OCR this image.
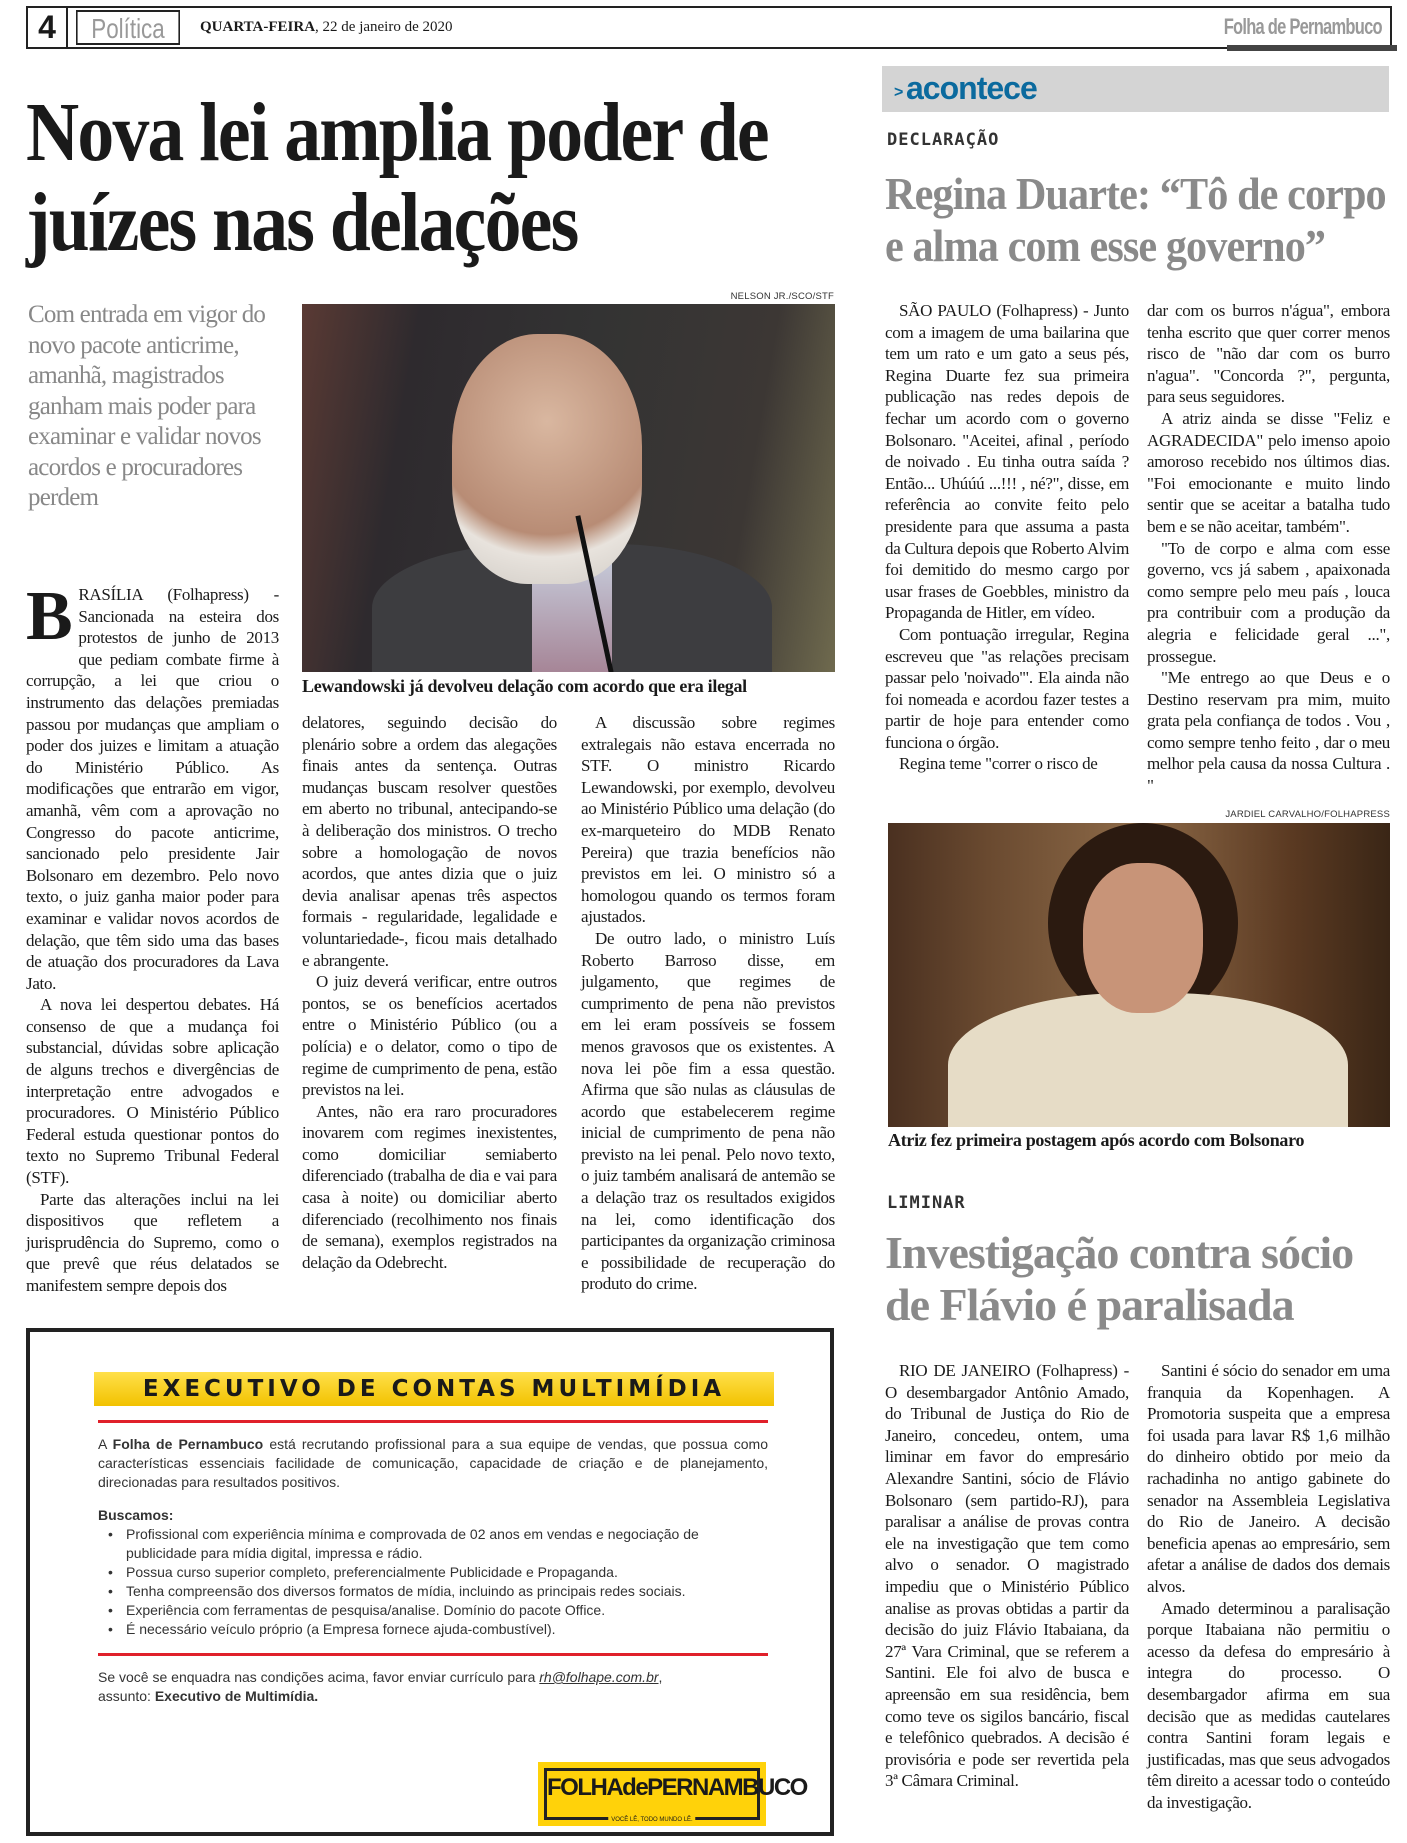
4	Política	QUARTA-FEIRA, 22 de janeiro de 2020	Folha de Pernambuco
Nova lei amplia poder de juízes nas delações
Com entrada em vigor do novo pacote anticrime, amanhã, magistrados ganham mais poder para examinar e validar novos acordos e procuradores perdem
NELSON JR./SCO/STF
Lewandowski já devolveu delação com acordo que era ilegal

BRASÍLIA (Folhapress) - Sancionada na esteira dos protestos de junho de 2013 que pediam combate firme à corrupção, a lei que criou o instrumento das delações premiadas passou por mudanças que ampliam o poder dos juizes e limitam a atuação do Ministério Público. As modificações que entrarão em vigor, amanhã, vêm com a aprovação no Congresso do pacote anticrime, sancionado pelo presidente Jair Bolsonaro em dezembro. Pelo novo texto, o juiz ganha maior poder para examinar e validar novos acordos de delação, que têm sido uma das bases de atuação dos procuradores da Lava Jato.

A nova lei despertou debates. Há consenso de que a mudança foi substancial, dúvidas sobre aplicação de alguns trechos e divergências de interpretação entre advogados e procuradores. O Ministério Público Federal estuda questionar pontos do texto no Supremo Tribunal Federal (STF).

Parte das alterações inclui na lei dispositivos que refletem a jurisprudência do Supremo, como o que prevê que réus delatados se manifestem sempre depois dos

delatores, seguindo decisão do plenário sobre a ordem das alegações finais antes da sentença. Outras mudanças buscam resolver questões em aberto no tribunal, antecipando-se à deliberação dos ministros. O trecho sobre a homologação de novos acordos, que antes dizia que o juiz devia analisar apenas três aspectos formais - regularidade, legalidade e voluntariedade-, ficou mais detalhado e abrangente.

O juiz deverá verificar, entre outros pontos, se os benefícios acertados entre o Ministério Público (ou a polícia) e o delator, como o tipo de regime de cumprimento de pena, estão previstos na lei.

Antes, não era raro procuradores inovarem com regimes inexistentes, como domiciliar semiaberto diferenciado (trabalha de dia e vai para casa à noite) ou domiciliar aberto diferenciado (recolhimento nos finais de semana), exemplos registrados na delação da Odebrecht.

A discussão sobre regimes extralegais não estava encerrada no STF. O ministro Ricardo Lewandowski, por exemplo, devolveu ao Ministério Público uma delação (do ex-marqueteiro do MDB Renato Pereira) que trazia benefícios não previstos em lei. O ministro só a homologou quando os termos foram ajustados.

De outro lado, o ministro Luís Roberto Barroso disse, em julgamento, que regimes de cumprimento de pena não previstos em lei eram possíveis se fossem menos gravosos que os existentes. A nova lei põe fim a essa questão. Afirma que são nulas as cláusulas de acordo que estabelecerem regime inicial de cumprimento de pena não previsto na lei penal. Pelo novo texto, o juiz também analisará de antemão se a delação traz os resultados exigidos na lei, como identificação dos participantes da organização criminosa e possibilidade de recuperação do produto do crime.

EXECUTIVO DE CONTAS MULTIMÍDIA
A Folha de Pernambuco está recrutando profissional para a sua equipe de vendas, que possua como características essenciais facilidade de comunicação, capacidade de criação e de planejamento, direcionadas para resultados positivos.
Buscamos:
• Profissional com experiência mínima e comprovada de 02 anos em vendas e negociação de publicidade para mídia digital, impressa e rádio.
• Possua curso superior completo, preferencialmente Publicidade e Propaganda.
• Tenha compreensão dos diversos formatos de mídia, incluindo as principais redes sociais.
• Experiência com ferramentas de pesquisa/analise. Domínio do pacote Office.
• É necessário veículo próprio (a Empresa fornece ajuda-combustível).
Se você se enquadra nas condições acima, favor enviar currículo para rh@folhape.com.br,
assunto: Executivo de Multimídia.
FOLHAdePERNAMBUCO
VOCÊ LÊ, TODO MUNDO LÊ.
acontece
>
DECLARAÇÃO
Regina Duarte: “Tô de corpo e alma com esse governo”

SÃO PAULO (Folhapress) - Junto com a imagem de uma bailarina que tem um rato e um gato a seus pés, Regina Duarte fez sua primeira publicação nas redes depois de fechar um acordo com o governo Bolsonaro. "Aceitei, afinal , período de noivado . Eu tinha outra saída ? Então... Uhúúú ...!!! , né?", disse, em referência ao convite feito pelo presidente para que assuma a pasta da Cultura depois que Roberto Alvim foi demitido do mesmo cargo por usar frases de Goebbles, ministro da Propaganda de Hitler, em vídeo.

Com pontuação irregular, Regina escreveu que "as relações precisam passar pelo 'noivado'". Ela ainda não foi nomeada e acordou fazer testes a partir de hoje para entender como funciona o órgão.

Regina teme "correr o risco de

dar com os burros n'água", embora tenha escrito que quer correr menos risco de "não dar com os burro n'agua". "Concorda ?", pergunta, para seus seguidores.

A atriz ainda se disse "Feliz e AGRADECIDA" pelo imenso apoio amoroso recebido nos últimos dias. "Foi emocionante e muito lindo sentir que se aceitar a batalha tudo bem e se não aceitar, também".

"To de corpo e alma com esse governo, vcs já sabem , apaixonada como sempre pelo meu país , louca pra contribuir com a produção da alegria e felicidade geral ...", prossegue.

"Me entrego ao que Deus e o Destino reservam pra mim, muito grata pela confiança de todos . Vou , como sempre tenho feito , dar o meu melhor pela causa da nossa Cultura . "

JARDIEL CARVALHO/FOLHAPRESS
Atriz fez primeira postagem após acordo com Bolsonaro
LIMINAR
Investigação contra sócio de Flávio é paralisada

RIO DE JANEIRO (Folhapress) - O desembargador Antônio Amado, do Tribunal de Justiça do Rio de Janeiro, concedeu, ontem, uma liminar em favor do empresário Alexandre Santini, sócio de Flávio Bolsonaro (sem partido-RJ), para paralisar a análise de provas contra ele na investigação que tem como alvo o senador. O magistrado impediu que o Ministério Público analise as provas obtidas a partir da decisão do juiz Flávio Itabaiana, da 27ª Vara Criminal, que se referem a Santini. Ele foi alvo de busca e apreensão em sua residência, bem como teve os sigilos bancário, fiscal e telefônico quebrados. A decisão é provisória e pode ser revertida pela 3ª Câmara Criminal.

Santini é sócio do senador em uma franquia da Kopenhagen. A Promotoria suspeita que a empresa foi usada para lavar R$ 1,6 milhão do dinheiro obtido por meio da rachadinha no antigo gabinete do senador na Assembleia Legislativa do Rio de Janeiro. A decisão beneficia apenas ao empresário, sem afetar a análise de dados dos demais alvos.

Amado determinou a paralisação porque Itabaiana não permitiu o acesso da defesa do empresário à integra do processo. O desembargador afirma em sua decisão que as medidas cautelares contra Santini foram legais e justificadas, mas que seus advogados têm direito a acessar todo o conteúdo da investigação.
